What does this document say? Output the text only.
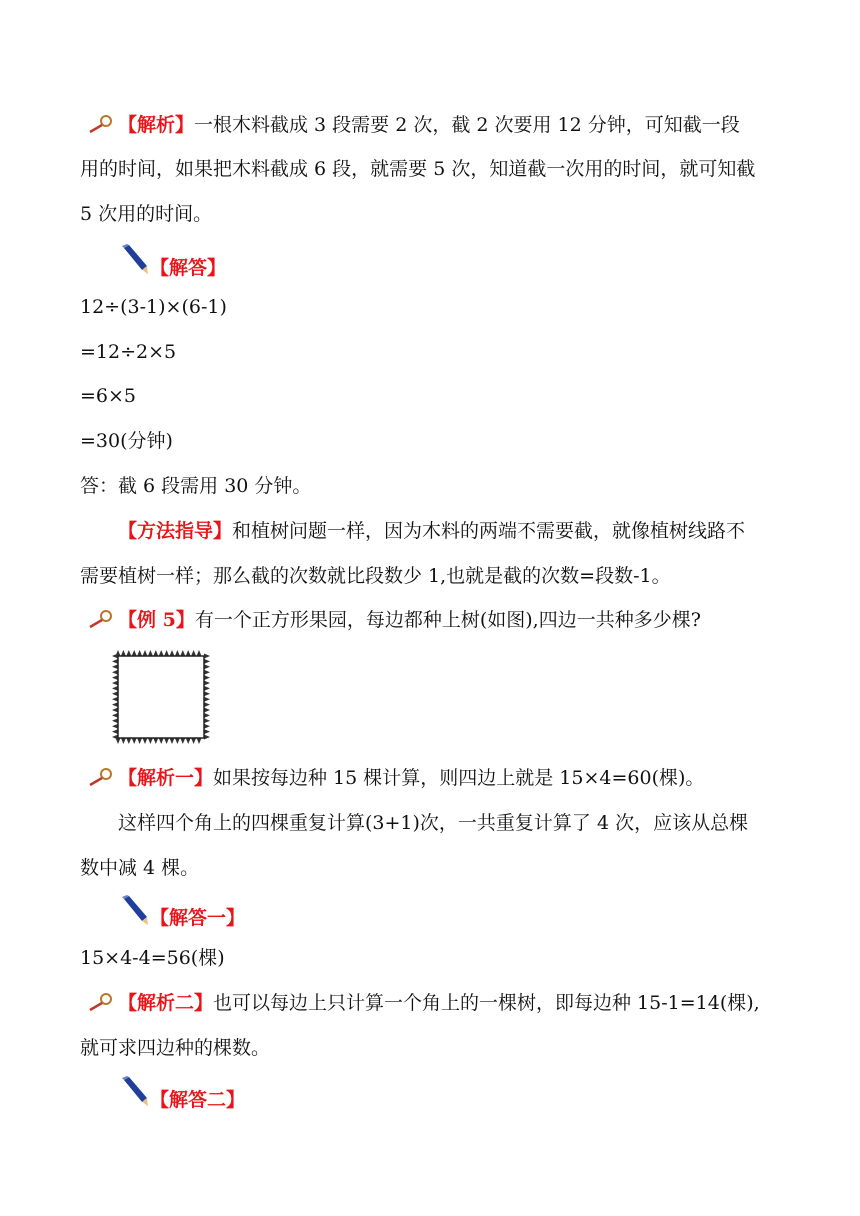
【解析】一根木料截成 3 段需要 2 次，截 2 次要用 12 分钟，可知截一段
用的时间，如果把木料截成 6 段，就需要 5 次，知道截一次用的时间，就可知截
5 次用的时间。
【解答】
12÷(3-1)×(6-1)
=12÷2×5
=6×5
=30(分钟)
答：截 6 段需用 30 分钟。
【方法指导】和植树问题一样，因为木料的两端不需要截，就像植树线路不
需要植树一样；那么截的次数就比段数少 1,也就是截的次数=段数-1。
【例 5】有一个正方形果园，每边都种上树(如图),四边一共种多少棵?
【解析一】如果按每边种 15 棵计算，则四边上就是 15×4=60(棵)。
这样四个角上的四棵重复计算(3+1)次，一共重复计算了 4 次，应该从总棵
数中减 4 棵。
【解答一】
15×4-4=56(棵)
【解析二】也可以每边上只计算一个角上的一棵树，即每边种 15-1=14(棵),
就可求四边种的棵数。
【解答二】
